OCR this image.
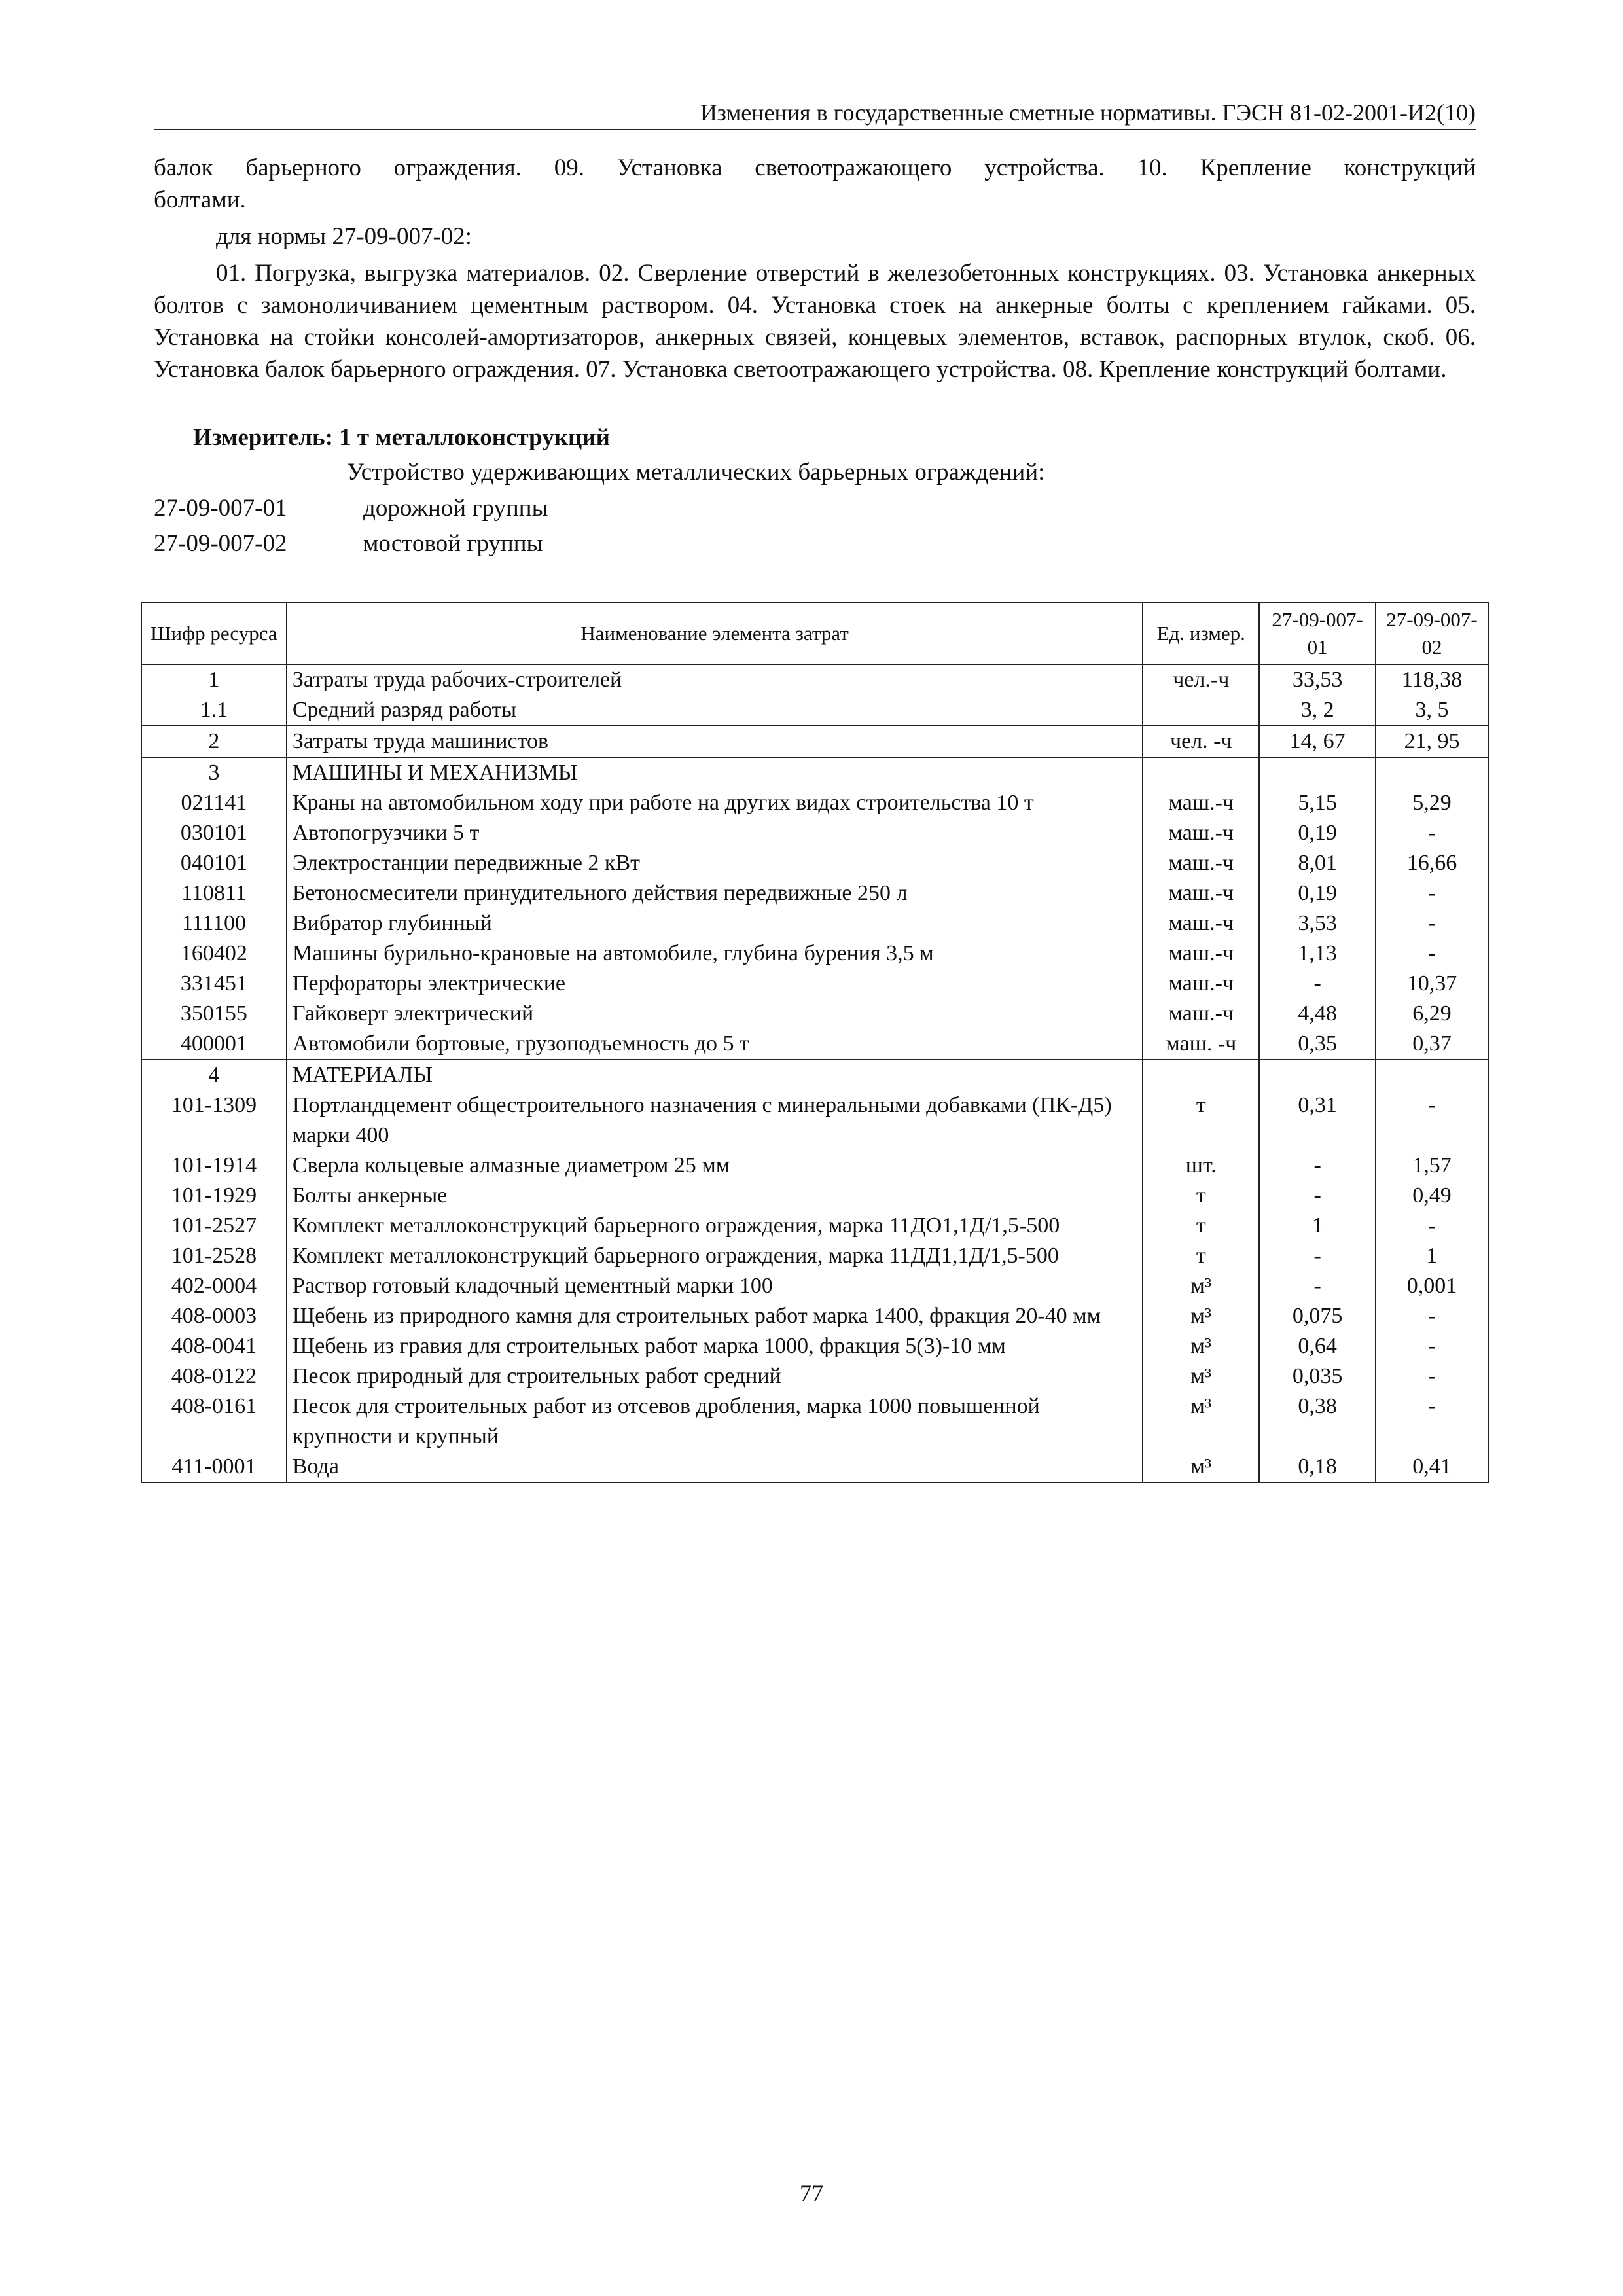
Изменения в государственные сметные нормативы. ГЭСН 81-02-2001-И2(10)
балок барьерного ограждения. 09. Установка светоотражающего устройства. 10. Крепление конструкций
болтами.
для нормы 27-09-007-02:
01. Погрузка, выгрузка материалов. 02. Сверление отверстий в железобетонных конструкциях. 03. Установка анкерных болтов с замоноличиванием цементным раствором. 04. Установка стоек на анкерные болты с креплением гайками. 05. Установка на стойки консолей-амортизаторов, анкерных связей, концевых элементов, вставок, распорных втулок, скоб. 06. Установка балок барьерного ограждения. 07. Установка светоотражающего устройства. 08. Крепление конструкций болтами.
Измеритель: 1 т металлоконструкций
Устройство удерживающих металлических барьерных ограждений:
27-09-007-01	дорожной группы
27-09-007-02	мостовой группы
Шифр ресурса	Наименование элемента затрат	Ед. измер.	27-09-007-01	27-09-007-02
1	Затраты труда рабочих-строителей	чел.-ч	33,53	118,38
1.1	Средний разряд работы		3, 2	3, 5
2	Затраты труда машинистов	чел. -ч	14, 67	21, 95
3	МАШИНЫ И МЕХАНИЗМЫ			
021141	Краны на автомобильном ходу при работе на других видах строительства 10 т	маш.-ч	5,15	5,29
030101	Автопогрузчики 5 т	маш.-ч	0,19	-
040101	Электростанции передвижные 2 кВт	маш.-ч	8,01	16,66
110811	Бетоносмесители принудительного действия передвижные 250 л	маш.-ч	0,19	-
111100	Вибратор глубинный	маш.-ч	3,53	-
160402	Машины бурильно-крановые на автомобиле, глубина бурения 3,5 м	маш.-ч	1,13	-
331451	Перфораторы электрические	маш.-ч	-	10,37
350155	Гайковерт электрический	маш.-ч	4,48	6,29
400001	Автомобили бортовые, грузоподъемность до 5 т	маш. -ч	0,35	0,37
4	МАТЕРИАЛЫ			
101-1309	Портландцемент общестроительного назначения с минеральными добавками (ПК-Д5) марки 400	т	0,31	-
101-1914	Сверла кольцевые алмазные диаметром 25 мм	шт.	-	1,57
101-1929	Болты анкерные	т	-	0,49
101-2527	Комплект металлоконструкций барьерного ограждения, марка 11ДО1,1Д/1,5-500	т	1	-
101-2528	Комплект металлоконструкций барьерного ограждения, марка 11ДД1,1Д/1,5-500	т	-	1
402-0004	Раствор готовый кладочный цементный марки 100	м³	-	0,001
408-0003	Щебень из природного камня для строительных работ марка 1400, фракция 20-40 мм	м³	0,075	-
408-0041	Щебень из гравия для строительных работ марка 1000, фракция 5(3)-10 мм	м³	0,64	-
408-0122	Песок природный для строительных работ средний	м³	0,035	-
408-0161	Песок для строительных работ из отсевов дробления, марка 1000 повышенной крупности и крупный	м³	0,38	-
411-0001	Вода	м³	0,18	0,41
77
